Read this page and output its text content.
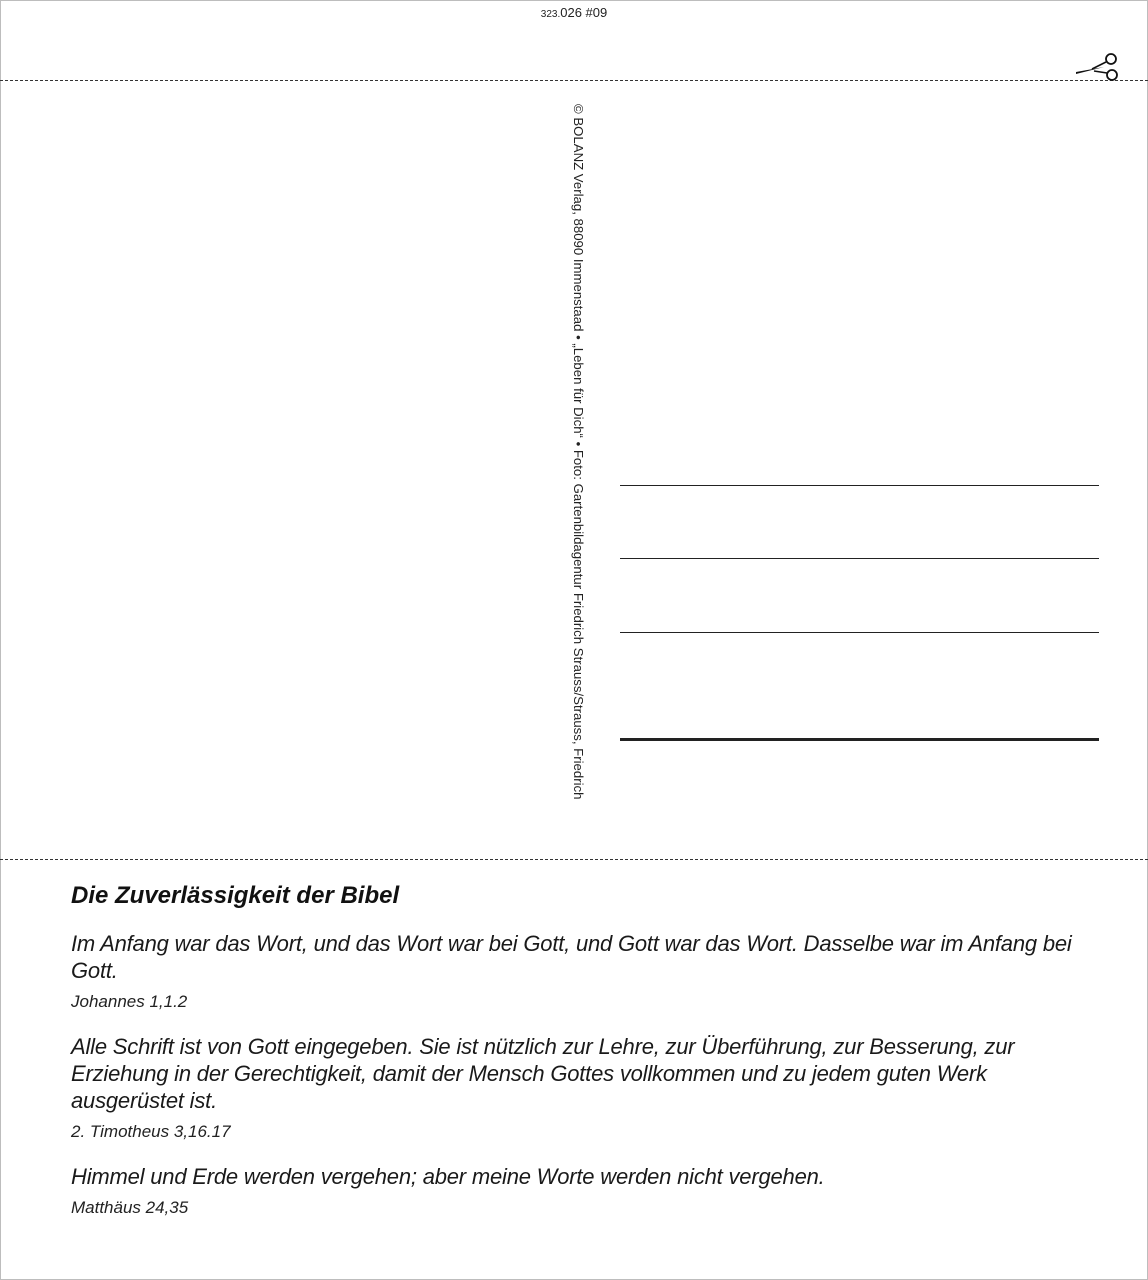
323.026 #09
© BOLANZ Verlag, 88090 Immenstaad • „Leben für Dich“ • Foto: Gartenbildagentur Friedrich Strauss/Strauss, Friedrich
Die Zuverlässigkeit der Bibel
Im Anfang war das Wort, und das Wort war bei Gott, und Gott war das Wort. Dasselbe war im Anfang bei Gott.
Johannes 1,1.2
Alle Schrift ist von Gott eingegeben. Sie ist nützlich zur Lehre, zur Überführung, zur Besserung, zur Erziehung in der Gerechtigkeit, damit der Mensch Gottes vollkommen und zu jedem guten Werk ausgerüstet ist.
2. Timotheus 3,16.17
Himmel und Erde werden vergehen; aber meine Worte werden nicht vergehen.
Matthäus 24,35
